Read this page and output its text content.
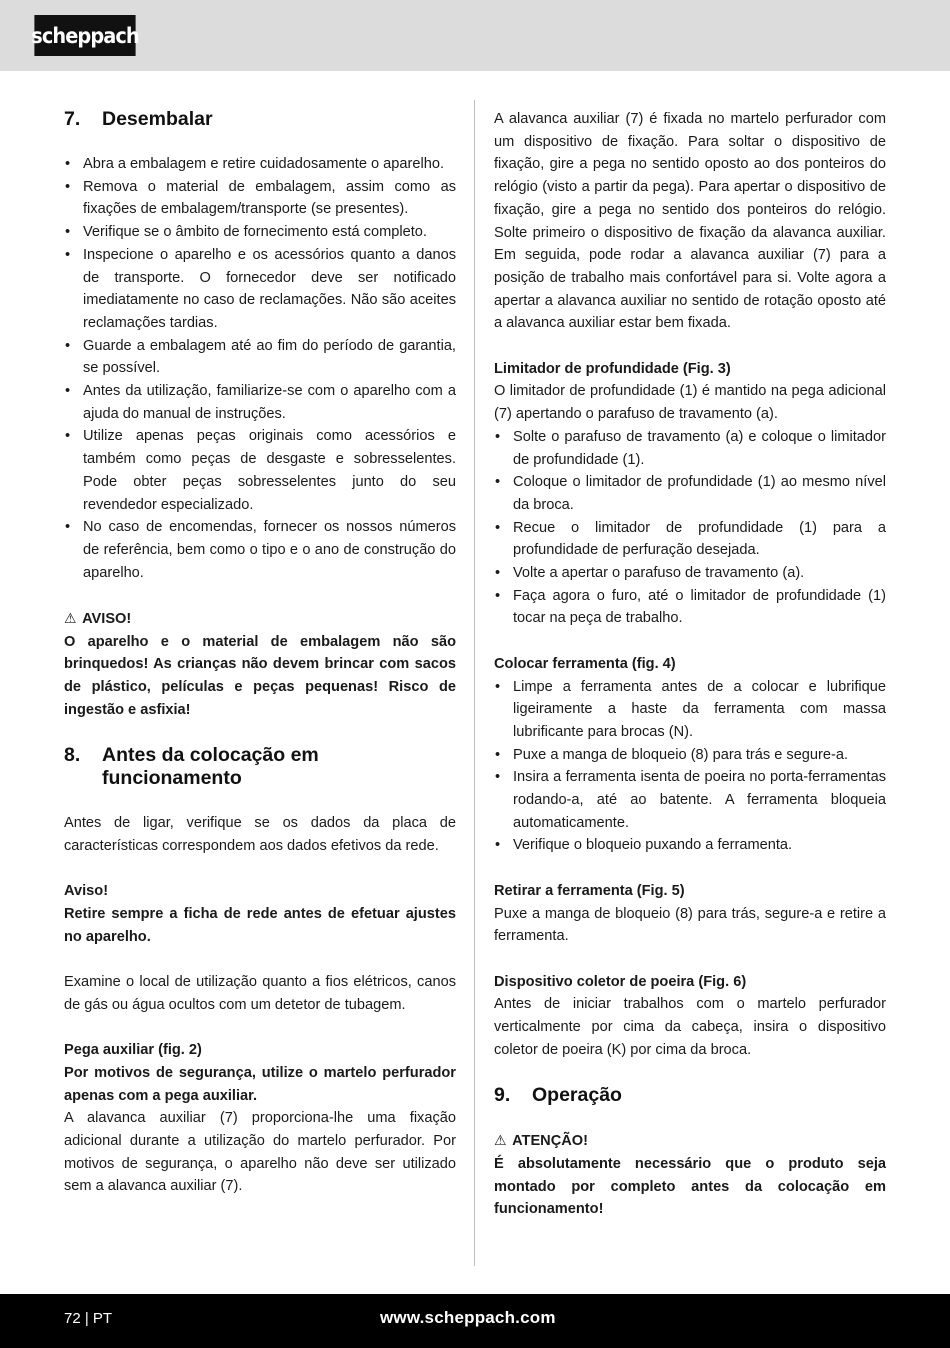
scheppach
7.	Desembalar
• Abra a embalagem e retire cuidadosamente o aparelho.
• Remova o material de embalagem, assim como as fixações de embalagem/transporte (se presentes).
• Verifique se o âmbito de fornecimento está completo.
• Inspecione o aparelho e os acessórios quanto a danos de transporte. O fornecedor deve ser notificado imediatamente no caso de reclamações. Não são aceites reclamações tardias.
• Guarde a embalagem até ao fim do período de garantia, se possível.
• Antes da utilização, familiarize-se com o aparelho com a ajuda do manual de instruções.
• Utilize apenas peças originais como acessórios e também como peças de desgaste e sobresselentes. Pode obter peças sobresselentes junto do seu revendedor especializado.
• No caso de encomendas, fornecer os nossos números de referência, bem como o tipo e o ano de construção do aparelho.

⚠ AVISO!

O aparelho e o material de embalagem não são brinquedos! As crianças não devem brincar com sacos de plástico, películas e peças pequenas! Risco de ingestão e asfixia!

8.	Antes da colocação em funcionamento

Antes de ligar, verifique se os dados da placa de características correspondem aos dados efetivos da rede.

Aviso!

Retire sempre a ficha de rede antes de efetuar ajustes no aparelho.

Examine o local de utilização quanto a fios elétricos, canos de gás ou água ocultos com um detetor de tubagem.

Pega auxiliar (fig. 2)

Por motivos de segurança, utilize o martelo perfurador apenas com a pega auxiliar.

A alavanca auxiliar (7) proporciona-lhe uma fixação adicional durante a utilização do martelo perfurador. Por motivos de segurança, o aparelho não deve ser utilizado sem a alavanca auxiliar (7).

A alavanca auxiliar (7) é fixada no martelo perfurador com um dispositivo de fixação. Para soltar o dispositivo de fixação, gire a pega no sentido oposto ao dos ponteiros do relógio (visto a partir da pega). Para apertar o dispositivo de fixação, gire a pega no sentido dos ponteiros do relógio. Solte primeiro o dispositivo de fixação da alavanca auxiliar. Em seguida, pode rodar a alavanca auxiliar (7) para a posição de trabalho mais confortável para si. Volte agora a apertar a alavanca auxiliar no sentido de rotação oposto até a alavanca auxiliar estar bem fixada.

Limitador de profundidade (Fig. 3)

O limitador de profundidade (1) é mantido na pega adicional (7) apertando o parafuso de travamento (a).

• Solte o parafuso de travamento (a) e coloque o limitador de profundidade (1).
• Coloque o limitador de profundidade (1) ao mesmo nível da broca.
• Recue o limitador de profundidade (1) para a profundidade de perfuração desejada.
• Volte a apertar o parafuso de travamento (a).
• Faça agora o furo, até o limitador de profundidade (1) tocar na peça de trabalho.

Colocar ferramenta (fig. 4)

• Limpe a ferramenta antes de a colocar e lubrifique ligeiramente a haste da ferramenta com massa lubrificante para brocas (N).
• Puxe a manga de bloqueio (8) para trás e segure-a.
• Insira a ferramenta isenta de poeira no porta-ferramentas rodando-a, até ao batente. A ferramenta bloqueia automaticamente.
• Verifique o bloqueio puxando a ferramenta.

Retirar a ferramenta (Fig. 5)

Puxe a manga de bloqueio (8) para trás, segure-a e retire a ferramenta.

Dispositivo coletor de poeira (Fig. 6)

Antes de iniciar trabalhos com o martelo perfurador verticalmente por cima da cabeça, insira o dispositivo coletor de poeira (K) por cima da broca.

9.	Operação

⚠ ATENÇÃO!

É absolutamente necessário que o produto seja montado por completo antes da colocação em funcionamento!

72 | PT	www.scheppach.com
